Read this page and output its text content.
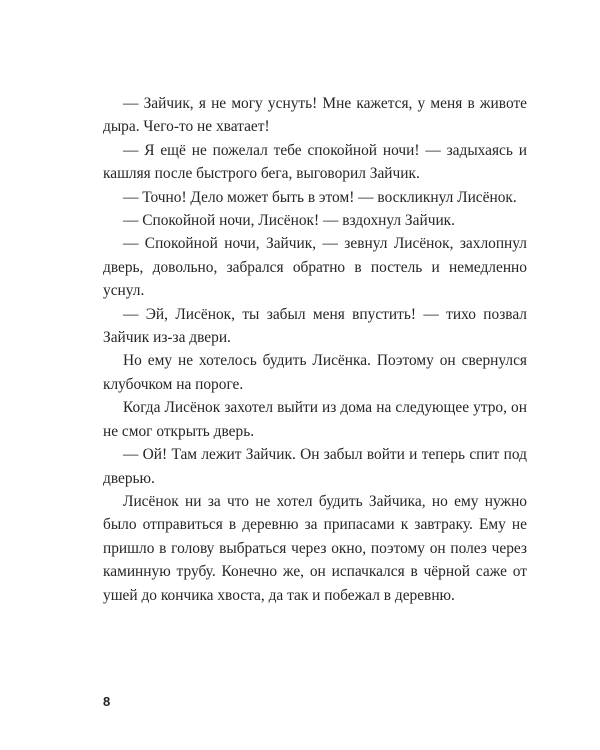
— Зайчик, я не могу уснуть! Мне кажется, у меня в животе дыра. Чего-то не хватает!

— Я ещё не пожелал тебе спокойной ночи! — задыхаясь и кашляя после быстрого бега, выговорил Зайчик.

— Точно! Дело может быть в этом! — воскликнул Лисёнок.

— Спокойной ночи, Лисёнок! — вздохнул Зайчик.

— Спокойной ночи, Зайчик, — зевнул Лисёнок, захлопнул дверь, довольно, забрался обратно в постель и немедленно уснул.

— Эй, Лисёнок, ты забыл меня впустить! — тихо позвал Зайчик из-за двери.

Но ему не хотелось будить Лисёнка. Поэтому он свернулся клубочком на пороге.

Когда Лисёнок захотел выйти из дома на следующее утро, он не смог открыть дверь.

— Ой! Там лежит Зайчик. Он забыл войти и теперь спит под дверью.

Лисёнок ни за что не хотел будить Зайчика, но ему нужно было отправиться в деревню за припасами к завтраку. Ему не пришло в голову выбраться через окно, поэтому он полез через каминную трубу. Конечно же, он испачкался в чёрной саже от ушей до кончика хвоста, да так и побежал в деревню.

8
